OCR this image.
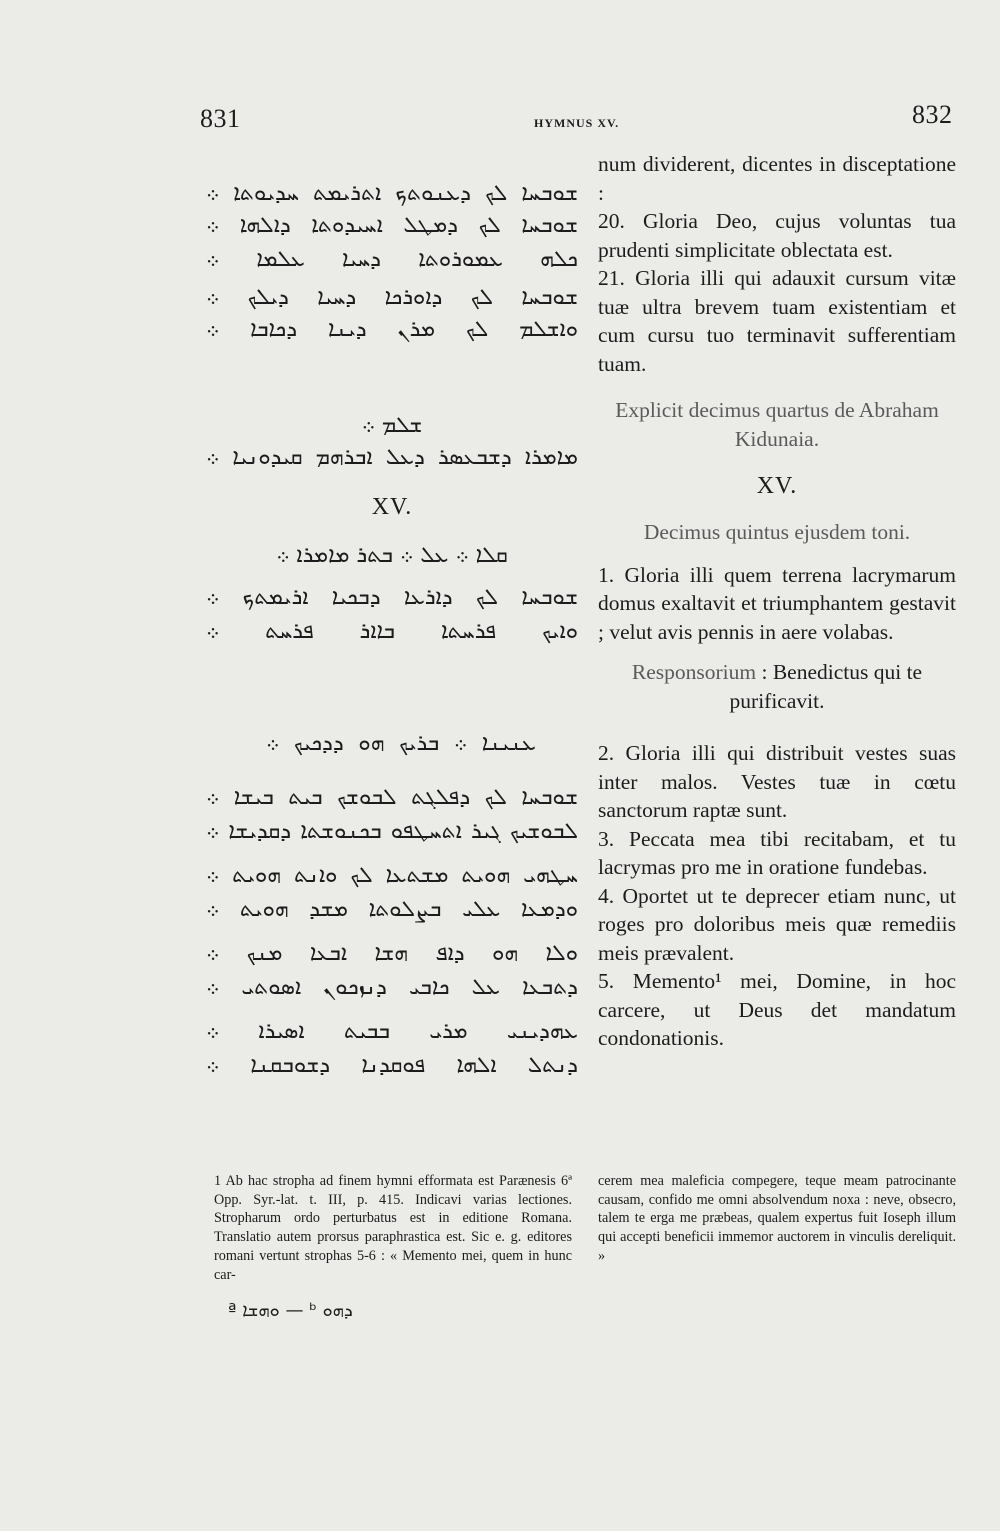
831	HYMNUS XV.	832
ܫܘܒܚܐ ܠܟ ܕܥܢܘܬܟ ܐܬܪܝܡܬ ܚܕܝܘܬܐ ܀
ܫܘܒܚܐ ܠܟ ܕܡܛܠ ܐܚܝܕܘܬܐ ܕܐܠܗܐ ܀
ܟܠܗ ܥܡܘܪܘܬܐ ܕܚܝܐ ܥܠܡܐ ܀
ܫܘܒܚܐ ܠܟ ܕܐܘܪܟܐ ܕܚܝܐ ܕܝܠܟ ܀
ܘܐܫܠܡ ܠܟ ܡܪܢ ܕܝܢܐ ܕܟܐܒܐ ܀
ܫܠܡ ܀
ܡܐܡܪܐ ܕܫܒܥܣܪ ܕܥܠ ܐܒܪܗܡ ܩܝܕܘܢܝܐ ܀
XV.
ܩܠܐ ܀ ܥܠ ܀ ܒܬܪ ܡܐܡܪܐ ܀
ܫܘܒܚܐ ܠܟ ܕܐܪܥܐ ܕܒܟܝܐ ܐܪܝܡܬܟ ܀
ܘܐܝܟ ܦܪܚܬܐ ܒܐܐܪ ܦܪܚܬ ܀
ܥܢܝܢܐ ܀ ܒܪܝܟ ܗܘ ܕܕܟܝܟ ܀
ܫܘܒܚܐ ܠܟ ܕܦܠܓܬ ܠܒܘܫܟ ܒܝܬ ܒܝܫܐ ܀
ܠܒܘܫܝܟ ܓܝܪ ܐܬܚܛܦܘ ܒܟܢܘܫܬܐ ܕܩܕܝܫܐ ܀
ܚܛܗܝ ܗܘܝܬ ܡܫܬܥܐ ܠܟ ܘܐܢܬ ܗܘܝܬ ܀
ܘܕܡܥܐ ܥܠܝ ܒܨܠܘܬܐ ܡܫܕ ܗܘܝܬ ܀
ܘܠܐ ܗܘ ܕܐܦ ܗܫܐ ܐܒܥܐ ܡܢܟ ܀
ܕܬܒܥܐ ܥܠ ܟܐܒܝ ܕܢܙܟܘܢ ܐܣܘܬܝ ܀
ܥܗܕܝܢܝ ܡܪܝ ܒܒܝܬ ܐܣܝܪܐ ܀
ܕܢܬܠ ܐܠܗܐ ܦܘܩܕܢܐ ܕܫܘܒܩܢܐ ܀

num dividerent, dicentes in disceptatione :

20. Gloria Deo, cujus voluntas tua prudenti simplicitate oblectata est.

21. Gloria illi qui adauxit cursum vitæ tuæ ultra brevem tuam existentiam et cum cursu tuo terminavit sufferentiam tuam.

Explicit decimus quartus de Abraham Kidunaia.

XV.

Decimus quintus ejusdem toni.

1. Gloria illi quem terrena lacrymarum domus exaltavit et triumphantem gestavit ; velut avis pennis in aere volabas.

Responsorium : Benedictus qui te purificavit.

2. Gloria illi qui distribuit vestes suas inter malos. Vestes tuæ in cœtu sanctorum raptæ sunt.

3. Peccata mea tibi recitabam, et tu lacrymas pro me in oratione fundebas.

4. Oportet ut te deprecer etiam nunc, ut roges pro doloribus meis quæ remediis meis prævalent.

5. Memento¹ mei, Domine, in hoc carcere, ut Deus det mandatum condonationis.

1 Ab hac stropha ad finem hymni efformata est Parænesis 6ª Opp. Syr.-lat. t. III, p. 415. Indicavi varias lectiones. Stropharum ordo perturbatus est in editione Romana. Translatio autem prorsus paraphrastica est. Sic e. g. editores romani vertunt strophas 5-6 : « Memento mei, quem in hunc car-

cerem mea maleficia compegere, teque meam patrocinante causam, confido me omni absolvendum noxa : neve, obsecro, talem te erga me præbeas, qualem expertus fuit Ioseph illum qui accepti beneficii immemor auctorem in vinculis dereliquit. »

ª ܘܗܫܐ — ᵇ ܕܗܘ
